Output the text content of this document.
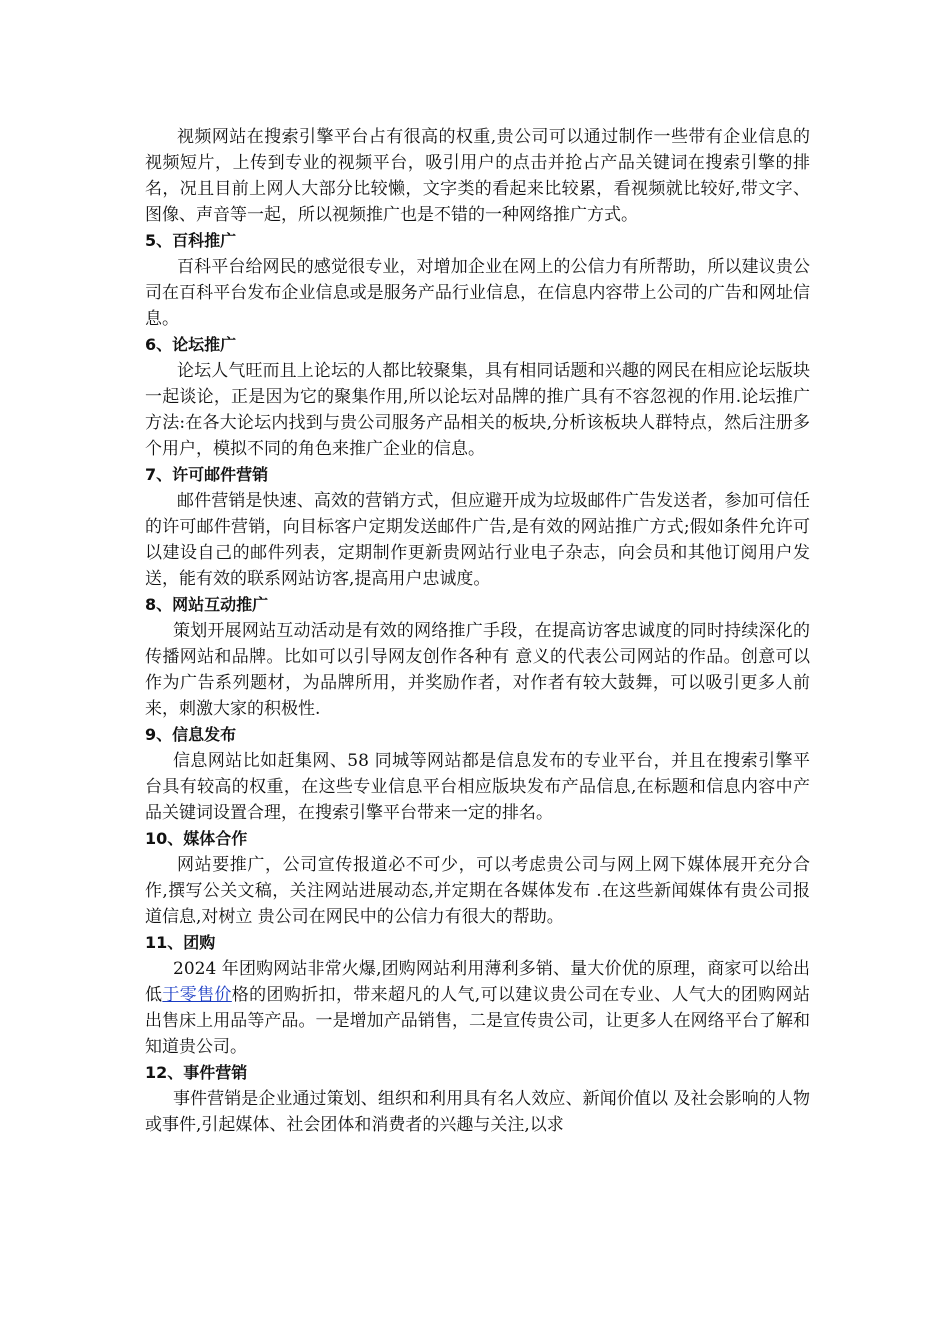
视频网站在搜索引擎平台占有很高的权重,贵公司可以通过制作一些带有企业信息的视频短片，上传到专业的视频平台，吸引用户的点击并抢占产品关键词在搜索引擎的排名，况且目前上网人大部分比较懒，文字类的看起来比较累，看视频就比较好,带文字、图像、声音等一起，所以视频推广也是不错的一种网络推广方式。

5、百科推广

百科平台给网民的感觉很专业，对增加企业在网上的公信力有所帮助，所以建议贵公司在百科平台发布企业信息或是服务产品行业信息，在信息内容带上公司的广告和网址信息。

6、论坛推广

论坛人气旺而且上论坛的人都比较聚集，具有相同话题和兴趣的网民在相应论坛版块一起谈论，正是因为它的聚集作用,所以论坛对品牌的推广具有不容忽视的作用.论坛推广方法:在各大论坛内找到与贵公司服务产品相关的板块,分析该板块人群特点，然后注册多个用户，模拟不同的角色来推广企业的信息。

7、许可邮件营销

邮件营销是快速、高效的营销方式，但应避开成为垃圾邮件广告发送者，参加可信任的许可邮件营销，向目标客户定期发送邮件广告,是有效的网站推广方式;假如条件允许可以建设自己的邮件列表，定期制作更新贵网站行业电子杂志，向会员和其他订阅用户发送，能有效的联系网站访客,提高用户忠诚度。

8、网站互动推广

策划开展网站互动活动是有效的网络推广手段，在提高访客忠诚度的同时持续深化的传播网站和品牌。比如可以引导网友创作各种有 意义的代表公司网站的作品。创意可以作为广告系列题材，为品牌所用，并奖励作者，对作者有较大鼓舞，可以吸引更多人前来，刺激大家的积极性.

9、信息发布

信息网站比如赶集网、58 同城等网站都是信息发布的专业平台，并且在搜索引擎平台具有较高的权重，在这些专业信息平台相应版块发布产品信息,在标题和信息内容中产品关键词设置合理，在搜索引擎平台带来一定的排名。

10、媒体合作

网站要推广，公司宣传报道必不可少，可以考虑贵公司与网上网下媒体展开充分合作,撰写公关文稿，关注网站进展动态,并定期在各媒体发布 .在这些新闻媒体有贵公司报道信息,对树立 贵公司在网民中的公信力有很大的帮助。

11、团购

2024 年团购网站非常火爆,团购网站利用薄利多销、量大价优的原理，商家可以给出低于零售价格的团购折扣，带来超凡的人气,可以建议贵公司在专业、人气大的团购网站出售床上用品等产品。一是增加产品销售，二是宣传贵公司，让更多人在网络平台了解和知道贵公司。

12、事件营销

事件营销是企业通过策划、组织和利用具有名人效应、新闻价值以 及社会影响的人物或事件,引起媒体、社会团体和消费者的兴趣与关注,以求
